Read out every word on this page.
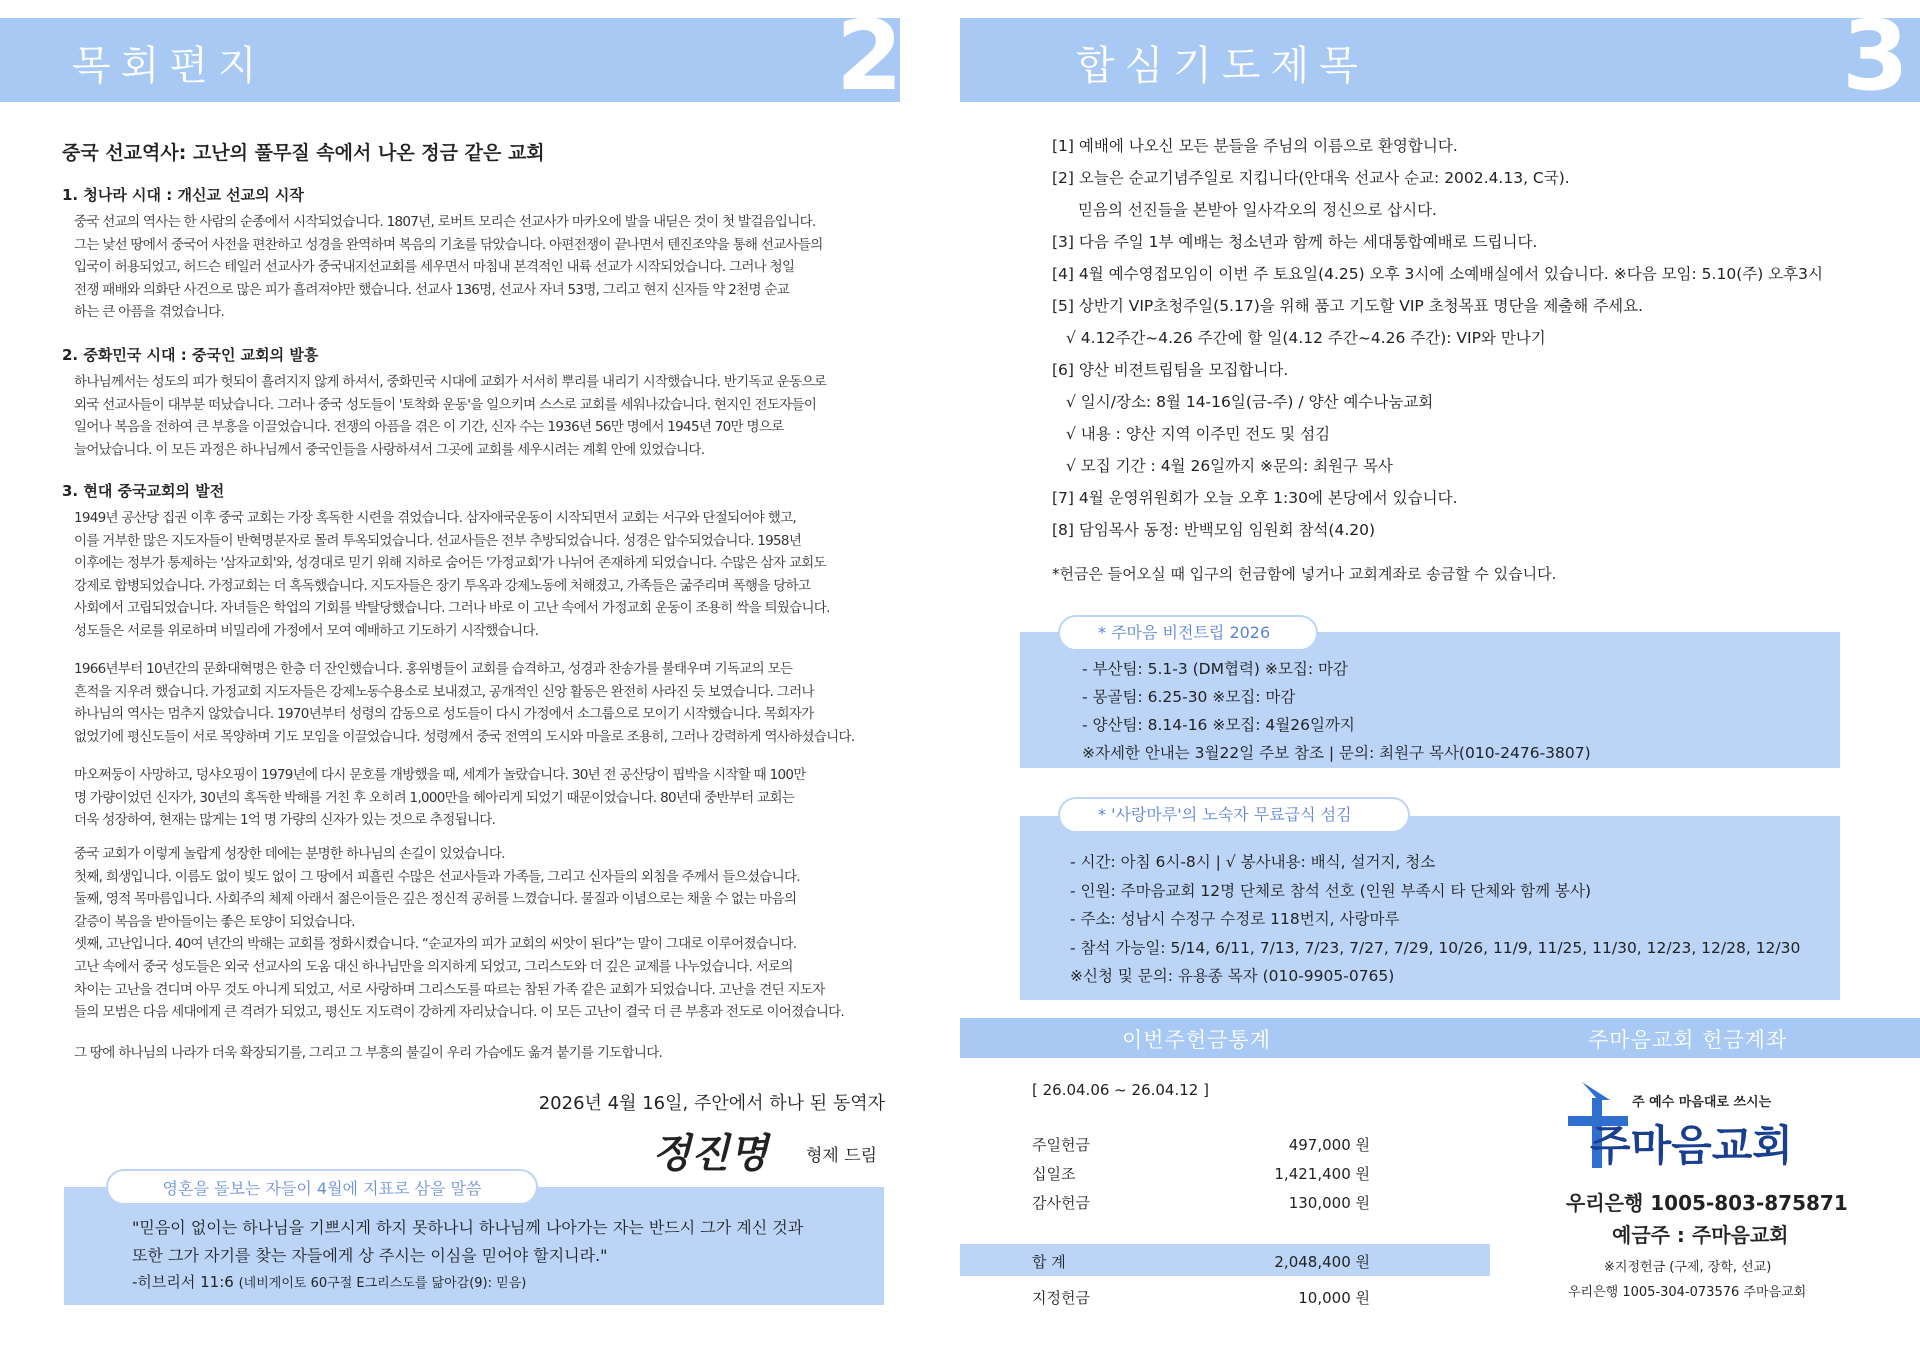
목회편지	2	합심기도제목	3
중국 선교역사: 고난의 풀무질 속에서 나온 정금 같은 교회
1. 청나라 시대 : 개신교 선교의 시작
중국 선교의 역사는 한 사람의 순종에서 시작되었습니다. 1807년, 로버트 모리슨 선교사가 마카오에 발을 내딛은 것이 첫 발걸음입니다.
그는 낯선 땅에서 중국어 사전을 편찬하고 성경을 완역하며 복음의 기초를 닦았습니다. 아편전쟁이 끝나면서 텐진조약을 통해 선교사들의
입국이 허용되었고, 허드슨 테일러 선교사가 중국내지선교회를 세우면서 마침내 본격적인 내륙 선교가 시작되었습니다. 그러나 청일
전쟁 패배와 의화단 사건으로 많은 피가 흘려져야만 했습니다. 선교사 136명, 선교사 자녀 53명, 그리고 현지 신자들 약 2천명 순교
하는 큰 아픔을 겪었습니다.
2. 중화민국 시대 : 중국인 교회의 발흥
하나님께서는 성도의 피가 헛되이 흘려지지 않게 하셔서, 중화민국 시대에 교회가 서서히 뿌리를 내리기 시작했습니다. 반기독교 운동으로
외국 선교사들이 대부분 떠났습니다. 그러나 중국 성도들이 '토착화 운동'을 일으키며 스스로 교회를 세워나갔습니다. 현지인 전도자들이
일어나 복음을 전하여 큰 부흥을 이끌었습니다. 전쟁의 아픔을 겪은 이 기간, 신자 수는 1936년 56만 명에서 1945년 70만 명으로
늘어났습니다. 이 모든 과정은 하나님께서 중국인들을 사랑하셔서 그곳에 교회를 세우시려는 계획 안에 있었습니다.
3. 현대 중국교회의 발전
1949년 공산당 집권 이후 중국 교회는 가장 혹독한 시련을 겪었습니다. 삼자애국운동이 시작되면서 교회는 서구와 단절되어야 했고,
이를 거부한 많은 지도자들이 반혁명분자로 몰려 투옥되었습니다. 선교사들은 전부 추방되었습니다. 성경은 압수되었습니다. 1958년
이후에는 정부가 통제하는 '삼자교회'와, 성경대로 믿기 위해 지하로 숨어든 '가정교회'가 나뉘어 존재하게 되었습니다. 수많은 삼자 교회도
강제로 합병되었습니다. 가정교회는 더 혹독했습니다. 지도자들은 장기 투옥과 강제노동에 처해졌고, 가족들은 굶주리며 폭행을 당하고
사회에서 고립되었습니다. 자녀들은 학업의 기회를 박탈당했습니다. 그러나 바로 이 고난 속에서 가정교회 운동이 조용히 싹을 틔웠습니다.
성도들은 서로를 위로하며 비밀리에 가정에서 모여 예배하고 기도하기 시작했습니다.
1966년부터 10년간의 문화대혁명은 한층 더 잔인했습니다. 홍위병들이 교회를 습격하고, 성경과 찬송가를 불태우며 기독교의 모든
흔적을 지우려 했습니다. 가정교회 지도자들은 강제노동수용소로 보내졌고, 공개적인 신앙 활동은 완전히 사라진 듯 보였습니다. 그러나
하나님의 역사는 멈추지 않았습니다. 1970년부터 성령의 감동으로 성도들이 다시 가정에서 소그룹으로 모이기 시작했습니다. 목회자가
없었기에 평신도들이 서로 목양하며 기도 모임을 이끌었습니다. 성령께서 중국 전역의 도시와 마을로 조용히, 그러나 강력하게 역사하셨습니다.
마오쩌둥이 사망하고, 덩샤오핑이 1979년에 다시 문호를 개방했을 때, 세계가 놀랐습니다. 30년 전 공산당이 핍박을 시작할 때 100만
명 가량이었던 신자가, 30년의 혹독한 박해를 거친 후 오히려 1,000만을 헤아리게 되었기 때문이었습니다. 80년대 중반부터 교회는
더욱 성장하여, 현재는 많게는 1억 명 가량의 신자가 있는 것으로 추정됩니다.
중국 교회가 이렇게 놀랍게 성장한 데에는 분명한 하나님의 손길이 있었습니다.
첫째, 희생입니다. 이름도 없이 빛도 없이 그 땅에서 피흘린 수많은 선교사들과 가족들, 그리고 신자들의 외침을 주께서 들으셨습니다.
둘째, 영적 목마름입니다. 사회주의 체제 아래서 젊은이들은 깊은 정신적 공허를 느꼈습니다. 물질과 이념으로는 채울 수 없는 마음의
갈증이 복음을 받아들이는 좋은 토양이 되었습니다.
셋째, 고난입니다. 40여 년간의 박해는 교회를 정화시켰습니다. “순교자의 피가 교회의 씨앗이 된다”는 말이 그대로 이루어졌습니다.
고난 속에서 중국 성도들은 외국 선교사의 도움 대신 하나님만을 의지하게 되었고, 그리스도와 더 깊은 교제를 나누었습니다. 서로의
차이는 고난을 견디며 아무 것도 아니게 되었고, 서로 사랑하며 그리스도를 따르는 참된 가족 같은 교회가 되었습니다. 고난을 견딘 지도자
들의 모범은 다음 세대에게 큰 격려가 되었고, 평신도 지도력이 강하게 자리났습니다. 이 모든 고난이 결국 더 큰 부흥과 전도로 이어졌습니다.
그 땅에 하나님의 나라가 더욱 확장되기를, 그리고 그 부흥의 불길이 우리 가슴에도 옮겨 붙기를 기도합니다.
2026년 4월 16일, 주안에서 하나 된 동역자
정진명 형제 드림
영혼을 돌보는 자들이 4월에 지표로 삼을 말씀
"믿음이 없이는 하나님을 기쁘시게 하지 못하나니 하나님께 나아가는 자는 반드시 그가 계신 것과
또한 그가 자기를 찾는 자들에게 상 주시는 이심을 믿어야 할지니라."
-히브리서 11:6 (네비게이토 60구절 E그리스도를 닮아감(9): 믿음)
[1] 예배에 나오신 모든 분들을 주님의 이름으로 환영합니다.
[2] 오늘은 순교기념주일로 지킵니다(안대욱 선교사 순교: 2002.4.13, C국).
믿음의 선진들을 본받아 일사각오의 정신으로 삽시다.
[3] 다음 주일 1부 예배는 청소년과 함께 하는 세대통합예배로 드립니다.
[4] 4월 예수영접모임이 이번 주 토요일(4.25) 오후 3시에 소예배실에서 있습니다. ※다음 모임: 5.10(주) 오후3시
[5] 상반기 VIP초청주일(5.17)을 위해 품고 기도할 VIP 초청목표 명단을 제출해 주세요.
√ 4.12주간~4.26 주간에 할 일(4.12 주간~4.26 주간): VIP와 만나기
[6] 양산 비젼트립팀을 모집합니다.
√ 일시/장소: 8월 14-16일(금-주) / 양산 예수나눔교회
√ 내용 : 양산 지역 이주민 전도 및 섬김
√ 모집 기간 : 4월 26일까지 ※문의: 최원구 목사
[7] 4월 운영위원회가 오늘 오후 1:30에 본당에서 있습니다.
[8] 담임목사 동정: 반백모임 임원회 참석(4.20)
*헌금은 들어오실 때 입구의 헌금함에 넣거나 교회계좌로 송금할 수 있습니다.
* 주마음 비전트립 2026
- 부산팀: 5.1-3 (DM협력) ※모집: 마감
- 몽골팀: 6.25-30 ※모집: 마감
- 양산팀: 8.14-16 ※모집: 4월26일까지
※자세한 안내는 3월22일 주보 참조 | 문의: 최원구 목사(010-2476-3807)
* '사랑마루'의 노숙자 무료급식 섬김
- 시간: 아침 6시-8시 | √ 봉사내용: 배식, 설거지, 청소
- 인원: 주마음교회 12명 단체로 참석 선호 (인원 부족시 타 단체와 함께 봉사)
- 주소: 성남시 수정구 수정로 118번지, 사랑마루
- 참석 가능일: 5/14, 6/11, 7/13, 7/23, 7/27, 7/29, 10/26, 11/9, 11/25, 11/30, 12/23, 12/28, 12/30
※신청 및 문의: 유용종 목자 (010-9905-0765)
이번주헌금통계	주마음교회 헌금계좌
[ 26.04.06 ~ 26.04.12 ]
주일헌금	497,000 원
십일조	1,421,400 원
감사헌금	130,000 원
합 계	2,048,400 원
지정헌금	10,000 원
주 예수 마음대로 쓰시는
주마음교회
우리은행 1005-803-875871
예금주 : 주마음교회
※지정헌금 (구제, 장학, 선교)
우리은행 1005-304-073576 주마음교회
